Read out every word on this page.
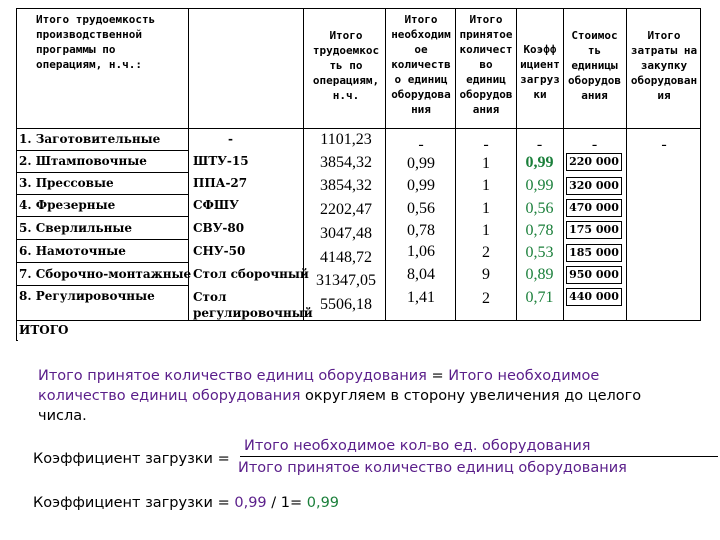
Итого трудоемкость
производственной
программы по
операциям, н.ч.:
Итого
трудоемкос
ть по
операциям,
н.ч.
Итого
необходим
ое
количеств
о единиц
оборудова
ния
Итого
принятое
количест
во
единиц
оборудов
ания
Коэфф
ициент
загруз
ки
Стоимос
ть
единицы
оборудов
ания
Итого
затраты на
закупку
оборудован
ия
1. Заготовительные
2. Штамповочные
3. Прессовые
4. Фрезерные
5. Сверлильные
6. Намоточные
7. Сборочно-монтажные
8. Регулировочные
-
ШТУ-15
ППА-27
СФШУ
СВУ-80
СНУ-50
Стол сборочный
Стол
регулировочный
1101,23
3854,32
3854,32
2202,47
3047,48
4148,72
31347,05
5506,18
-
0,99
0,99
0,56
0,78
1,06
8,04
1,41
-
1
1
1
1
2
9
2
-
0,99
0,99
0,56
0,78
0,53
0,89
0,71
-
220 000
320 000
470 000
175 000
185 000
950 000
440 000
-
ИТОГО
Итого принятое количество единиц оборудования = Итого необходимое
количество единиц оборудования округляем в сторону увеличения до целого
числа.
Коэффициент загрузки =
Итого необходимое кол-во ед. оборудования
Итого принятое количество единиц оборудования
Коэффициент загрузки = 0,99 / 1= 0,99
